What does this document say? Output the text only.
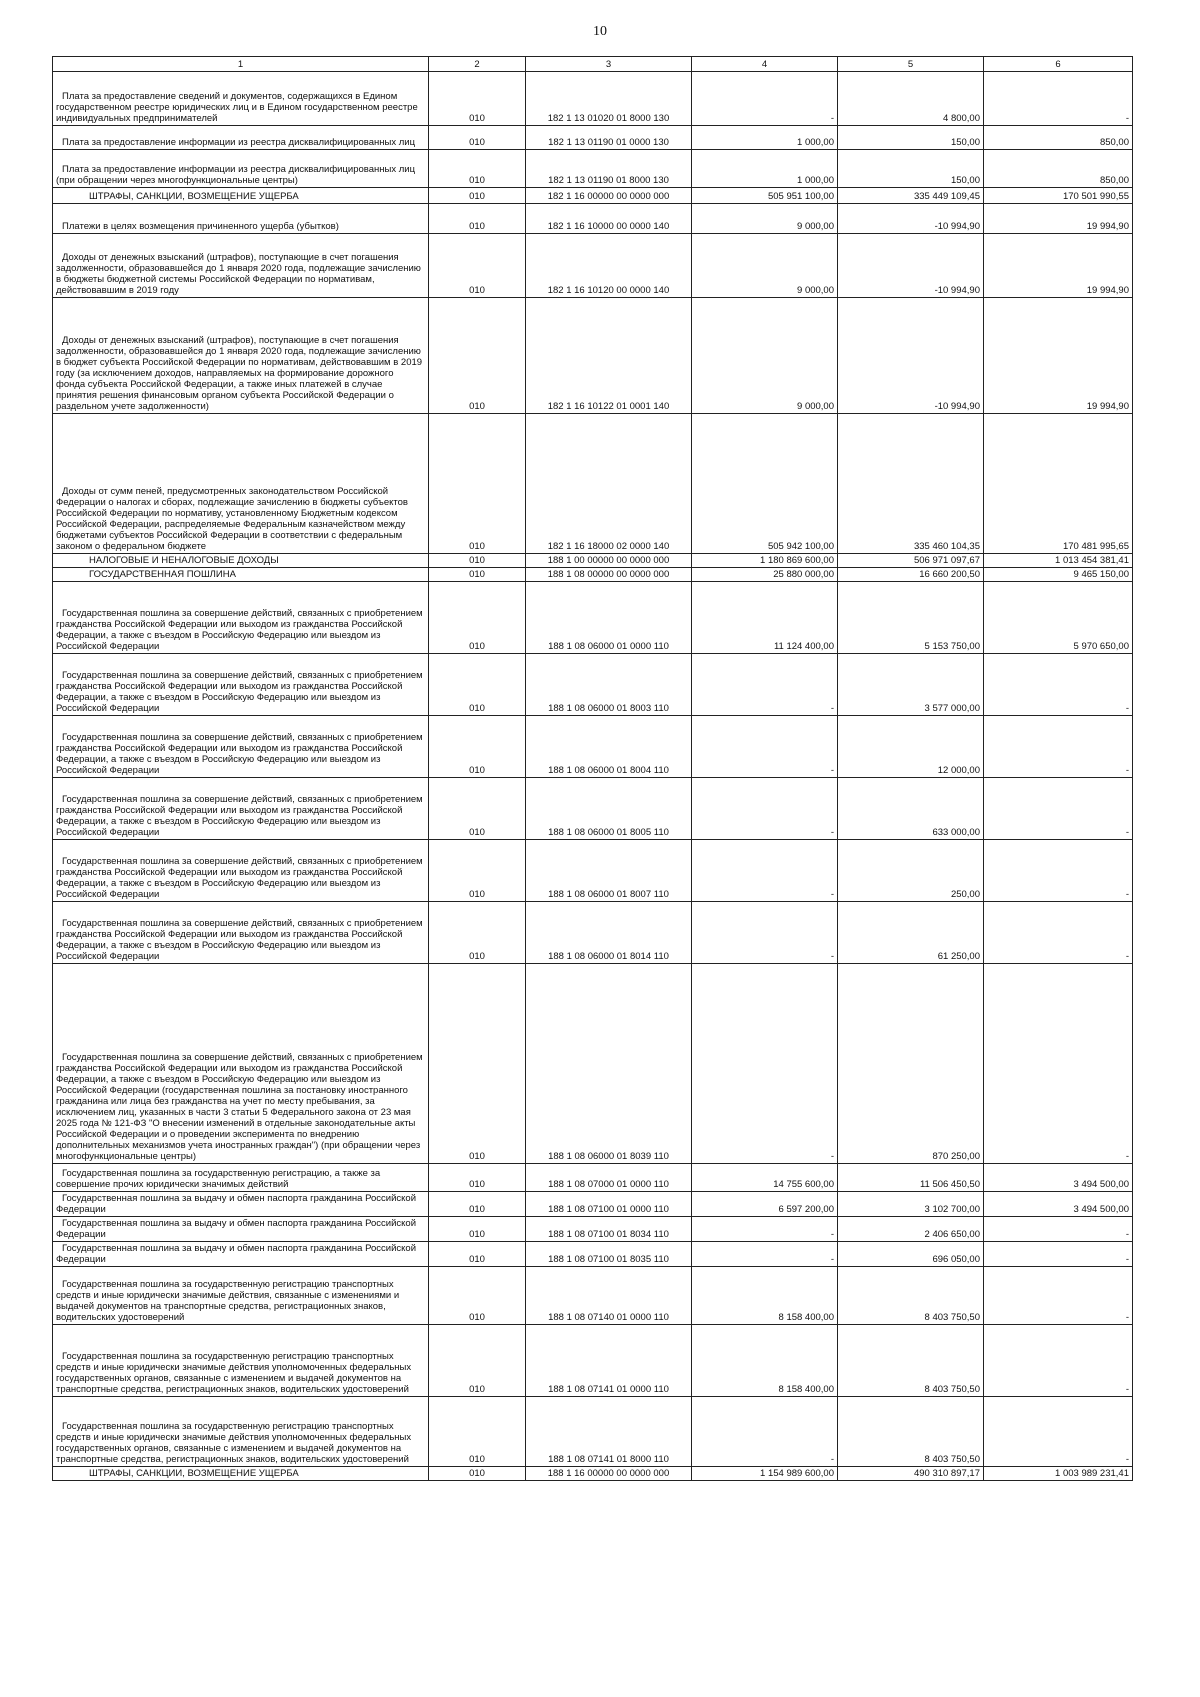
10
1	2	3	4	5	6
Плата за предоставление сведений и документов, содержащихся в Едином государственном реестре юридических лиц и в Едином государственном реестре индивидуальных предпринимателей	010	182 1 13 01020 01 8000 130	-	4 800,00	-
Плата за предоставление информации из реестра дисквалифицированных лиц	010	182 1 13 01190 01 0000 130	1 000,00	150,00	850,00
Плата за предоставление информации из реестра дисквалифицированных лиц (при обращении через многофункциональные центры)	010	182 1 13 01190 01 8000 130	1 000,00	150,00	850,00
ШТРАФЫ, САНКЦИИ, ВОЗМЕЩЕНИЕ УЩЕРБА	010	182 1 16 00000 00 0000 000	505 951 100,00	335 449 109,45	170 501 990,55
Платежи в целях возмещения причиненного ущерба (убытков)	010	182 1 16 10000 00 0000 140	9 000,00	-10 994,90	19 994,90
Доходы от денежных взысканий (штрафов), поступающие в счет погашения задолженности, образовавшейся до 1 января 2020 года, подлежащие зачислению в бюджеты бюджетной системы Российской Федерации по нормативам, действовавшим в 2019 году	010	182 1 16 10120 00 0000 140	9 000,00	-10 994,90	19 994,90
Доходы от денежных взысканий (штрафов), поступающие в счет погашения задолженности, образовавшейся до 1 января 2020 года, подлежащие зачислению в бюджет субъекта Российской Федерации по нормативам, действовавшим в 2019 году (за исключением доходов, направляемых на формирование дорожного фонда субъекта Российской Федерации, а также иных платежей в случае принятия решения финансовым органом субъекта Российской Федерации о раздельном учете задолженности)	010	182 1 16 10122 01 0001 140	9 000,00	-10 994,90	19 994,90
Доходы от сумм пеней, предусмотренных законодательством Российской Федерации о налогах и сборах, подлежащие зачислению в бюджеты субъектов Российской Федерации по нормативу, установленному Бюджетным кодексом Российской Федерации, распределяемые Федеральным казначейством между бюджетами субъектов Российской Федерации в соответствии с федеральным законом о федеральном бюджете	010	182 1 16 18000 02 0000 140	505 942 100,00	335 460 104,35	170 481 995,65
НАЛОГОВЫЕ И НЕНАЛОГОВЫЕ ДОХОДЫ	010	188 1 00 00000 00 0000 000	1 180 869 600,00	506 971 097,67	1 013 454 381,41
ГОСУДАРСТВЕННАЯ ПОШЛИНА	010	188 1 08 00000 00 0000 000	25 880 000,00	16 660 200,50	9 465 150,00
Государственная пошлина за совершение действий, связанных с приобретением гражданства Российской Федерации или выходом из гражданства Российской Федерации, а также с въездом в Российскую Федерацию или выездом из Российской Федерации	010	188 1 08 06000 01 0000 110	11 124 400,00	5 153 750,00	5 970 650,00
Государственная пошлина за совершение действий, связанных с приобретением гражданства Российской Федерации или выходом из гражданства Российской Федерации, а также с въездом в Российскую Федерацию или выездом из Российской Федерации	010	188 1 08 06000 01 8003 110	-	3 577 000,00	-
Государственная пошлина за совершение действий, связанных с приобретением гражданства Российской Федерации или выходом из гражданства Российской Федерации, а также с въездом в Российскую Федерацию или выездом из Российской Федерации	010	188 1 08 06000 01 8004 110	-	12 000,00	-
Государственная пошлина за совершение действий, связанных с приобретением гражданства Российской Федерации или выходом из гражданства Российской Федерации, а также с въездом в Российскую Федерацию или выездом из Российской Федерации	010	188 1 08 06000 01 8005 110	-	633 000,00	-
Государственная пошлина за совершение действий, связанных с приобретением гражданства Российской Федерации или выходом из гражданства Российской Федерации, а также с въездом в Российскую Федерацию или выездом из Российской Федерации	010	188 1 08 06000 01 8007 110	-	250,00	-
Государственная пошлина за совершение действий, связанных с приобретением гражданства Российской Федерации или выходом из гражданства Российской Федерации, а также с въездом в Российскую Федерацию или выездом из Российской Федерации	010	188 1 08 06000 01 8014 110	-	61 250,00	-
Государственная пошлина за совершение действий, связанных с приобретением гражданства Российской Федерации или выходом из гражданства Российской Федерации, а также с въездом в Российскую Федерацию или выездом из Российской Федерации (государственная пошлина за постановку иностранного гражданина или лица без гражданства на учет по месту пребывания, за исключением лиц, указанных в части 3 статьи 5 Федерального закона от 23 мая 2025 года № 121-ФЗ "О внесении изменений в отдельные законодательные акты Российской Федерации и о проведении эксперимента по внедрению дополнительных механизмов учета иностранных граждан") (при обращении через многофункциональные центры)	010	188 1 08 06000 01 8039 110	-	870 250,00	-
Государственная пошлина за государственную регистрацию, а также за совершение прочих юридически значимых действий	010	188 1 08 07000 01 0000 110	14 755 600,00	11 506 450,50	3 494 500,00
Государственная пошлина за выдачу и обмен паспорта гражданина Российской Федерации	010	188 1 08 07100 01 0000 110	6 597 200,00	3 102 700,00	3 494 500,00
Государственная пошлина за выдачу и обмен паспорта гражданина Российской Федерации	010	188 1 08 07100 01 8034 110	-	2 406 650,00	-
Государственная пошлина за выдачу и обмен паспорта гражданина Российской Федерации	010	188 1 08 07100 01 8035 110	-	696 050,00	-
Государственная пошлина за государственную регистрацию транспортных средств и иные юридически значимые действия, связанные с изменениями и выдачей документов на транспортные средства, регистрационных знаков, водительских удостоверений	010	188 1 08 07140 01 0000 110	8 158 400,00	8 403 750,50	-
Государственная пошлина за государственную регистрацию транспортных средств и иные юридически значимые действия уполномоченных федеральных государственных органов, связанные с изменением и выдачей документов на транспортные средства, регистрационных знаков, водительских удостоверений	010	188 1 08 07141 01 0000 110	8 158 400,00	8 403 750,50	-
Государственная пошлина за государственную регистрацию транспортных средств и иные юридически значимые действия уполномоченных федеральных государственных органов, связанные с изменением и выдачей документов на транспортные средства, регистрационных знаков, водительских удостоверений	010	188 1 08 07141 01 8000 110	-	8 403 750,50	-
ШТРАФЫ, САНКЦИИ, ВОЗМЕЩЕНИЕ УЩЕРБА	010	188 1 16 00000 00 0000 000	1 154 989 600,00	490 310 897,17	1 003 989 231,41
